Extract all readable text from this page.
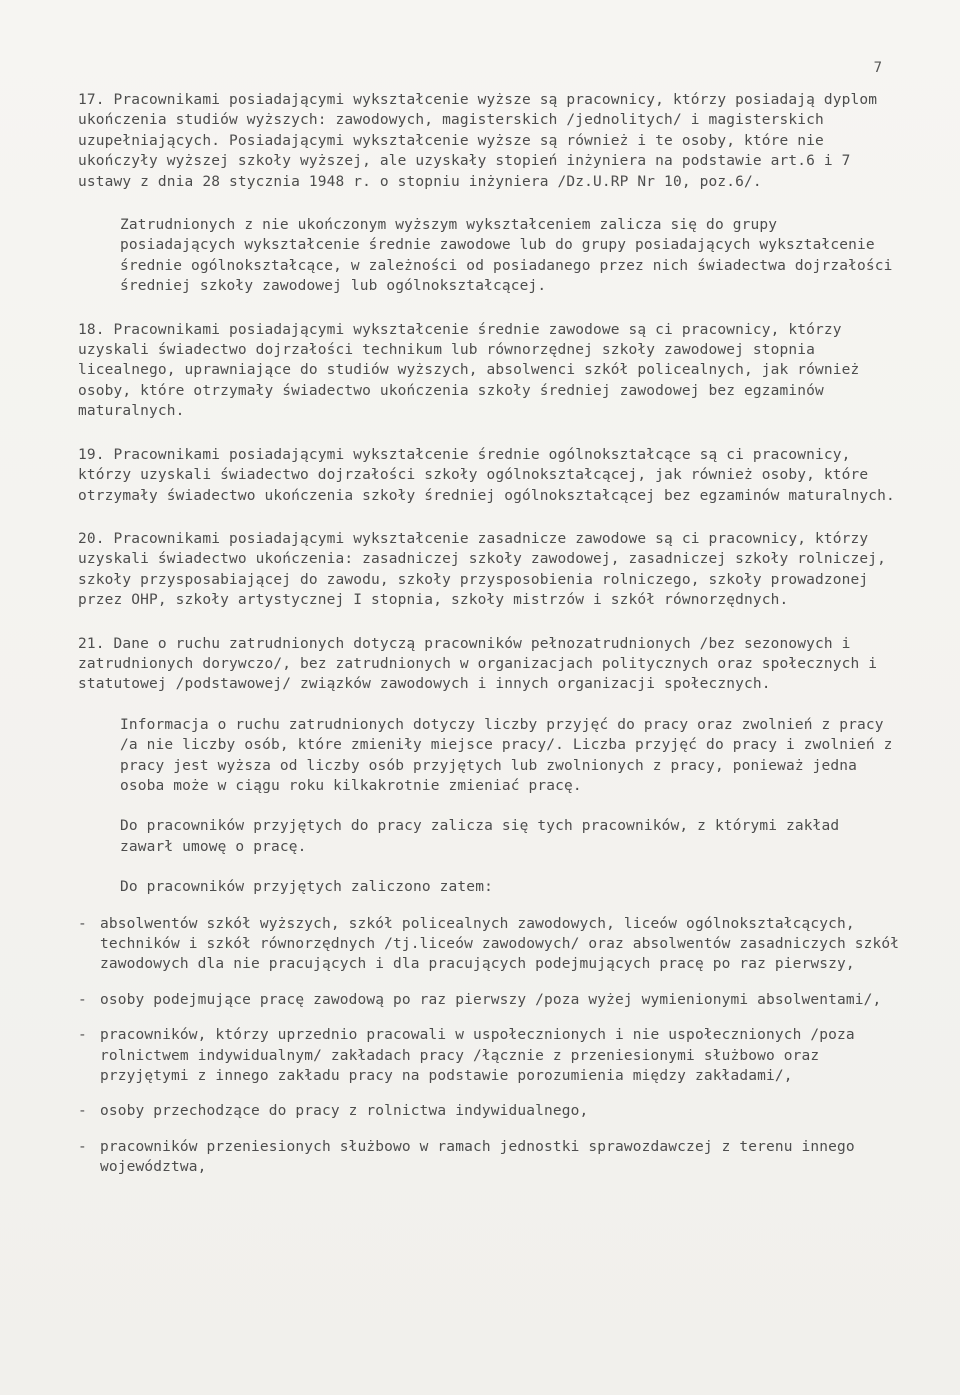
7

17. Pracownikami posiadającymi wykształcenie wyższe są pracownicy, którzy posiadają dyplom ukończenia studiów wyższych: zawodowych, magisterskich /jednolitych/ i magisterskich uzupełniających. Posiadającymi wykształcenie wyższe są również i te osoby, które nie ukończyły wyższej szkoły wyższej, ale uzyskały stopień inżyniera na podstawie art.6 i 7 ustawy z dnia 28 stycznia 1948 r. o stopniu inżyniera /Dz.U.RP Nr 10, poz.6/.

Zatrudnionych z nie ukończonym wyższym wykształceniem zalicza się do grupy posiadających wykształcenie średnie zawodowe lub do grupy posiadających wykształcenie średnie ogólnokształcące, w zależności od posiadanego przez nich świadectwa dojrzałości średniej szkoły zawodowej lub ogólnokształcącej.

18. Pracownikami posiadającymi wykształcenie średnie zawodowe są ci pracownicy, którzy uzyskali świadectwo dojrzałości technikum lub równorzędnej szkoły zawodowej stopnia licealnego, uprawniające do studiów wyższych, absolwenci szkół policealnych, jak również osoby, które otrzymały świadectwo ukończenia szkoły średniej zawodowej bez egzaminów maturalnych.

19. Pracownikami posiadającymi wykształcenie średnie ogólnokształcące są ci pracownicy, którzy uzyskali świadectwo dojrzałości szkoły ogólnokształcącej, jak również osoby, które otrzymały świadectwo ukończenia szkoły średniej ogólnokształcącej bez egzaminów maturalnych.

20. Pracownikami posiadającymi wykształcenie zasadnicze zawodowe są ci pracownicy, którzy uzyskali świadectwo ukończenia: zasadniczej szkoły zawodowej, zasadniczej szkoły rolniczej, szkoły przysposabiającej do zawodu, szkoły przysposobienia rolniczego, szkoły prowadzonej przez OHP, szkoły artystycznej I stopnia, szkoły mistrzów i szkół równorzędnych.

21. Dane o ruchu zatrudnionych dotyczą pracowników pełnozatrudnionych /bez sezonowych i zatrudnionych dorywczo/, bez zatrudnionych w organizacjach politycznych oraz społecznych i statutowej /podstawowej/ związków zawodowych i innych organizacji społecznych.

Informacja o ruchu zatrudnionych dotyczy liczby przyjęć do pracy oraz zwolnień z pracy /a nie liczby osób, które zmieniły miejsce pracy/. Liczba przyjęć do pracy i zwolnień z pracy jest wyższa od liczby osób przyjętych lub zwolnionych z pracy, ponieważ jedna osoba może w ciągu roku kilkakrotnie zmieniać pracę.

Do pracowników przyjętych do pracy zalicza się tych pracowników, z którymi zakład zawarł umowę o pracę.

Do pracowników przyjętych zaliczono zatem:

- absolwentów szkół wyższych, szkół policealnych zawodowych, liceów ogólnokształcących, techników i szkół równorzędnych /tj.liceów zawodowych/ oraz absolwentów zasadniczych szkół zawodowych dla nie pracujących i dla pracujących podejmujących pracę po raz pierwszy,
- osoby podejmujące pracę zawodową po raz pierwszy /poza wyżej wymienionymi absolwentami/,
- pracowników, którzy uprzednio pracowali w uspołecznionych i nie uspołecznionych /poza rolnictwem indywidualnym/ zakładach pracy /łącznie z przeniesionymi służbowo oraz przyjętymi z innego zakładu pracy na podstawie porozumienia między zakładami/,
- osoby przechodzące do pracy z rolnictwa indywidualnego,
- pracowników przeniesionych służbowo w ramach jednostki sprawozdawczej z terenu innego województwa,
